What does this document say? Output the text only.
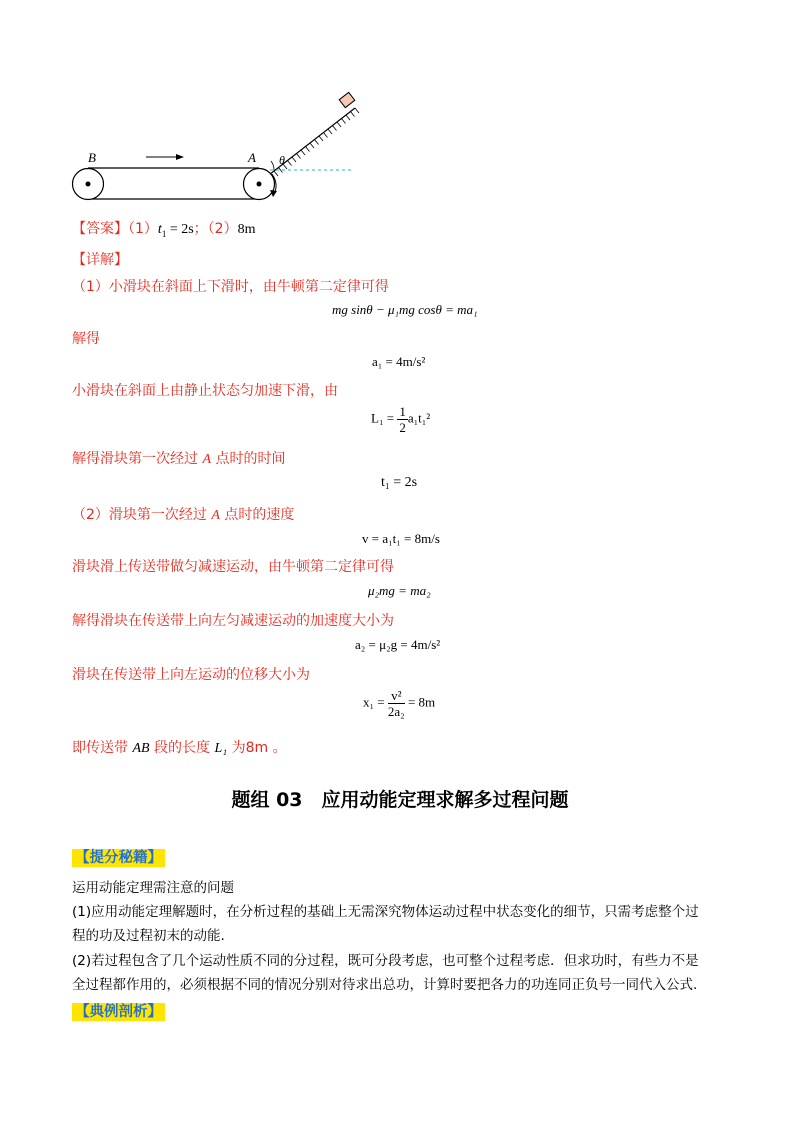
B	A θ
【答案】$(1)t_1 = 2s$；（2）8m
【详解】
（1）小滑块在斜面上下滑时，由牛顿第二定律可得
mg sinθ − μ₁mg cosθ = ma₁
解得
a₁ = 4m/s²
小滑块在斜面上由静止状态匀加速下滑，由
$L_1 = \frac{1}{2} a_1t_1^2$
解得滑块第一次经过 A 点时的时间
t₁ = 2s
（2）滑块第一次经过 A 点时的速度
v = a₁t₁ = 8m/s
滑块滑上传送带做匀减速运动，由牛顿第二定律可得
μ₂mg = ma₂
解得滑块在传送带上向左匀减速运动的加速度大小为
a₂ = μ₂g = 4m/s²
滑块在传送带上向左运动的位移大小为
$x_1 = \frac{\text{v²}}{\text{2a₂}} = 8m$
即传送带 AB 段的长度 L₁ 为8m 。
题组 03　应用动能定理求解多过程问题
【提分秘籍】
运用动能定理需注意的问题
(1)应用动能定理解题时，在分析过程的基础上无需深究物体运动过程中状态变化的细节，只需考虑整个过
程的功及过程初末的动能.
(2)若过程包含了几个运动性质不同的分过程，既可分段考虑，也可整个过程考虑．但求功时，有些力不是
全过程都作用的，必须根据不同的情况分别对待求出总功，计算时要把各力的功连同正负号一同代入公式.
【典例剖析】
